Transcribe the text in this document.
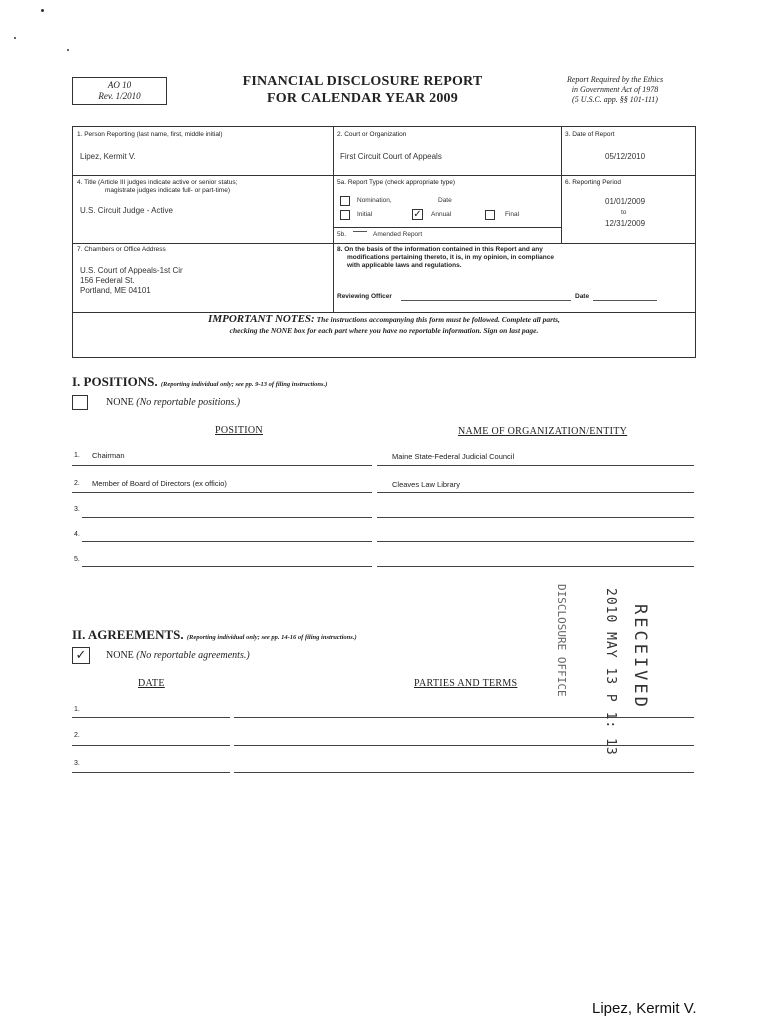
AO 10
Rev. 1/2010
FINANCIAL DISCLOSURE REPORT
FOR CALENDAR YEAR 2009
Report Required by the Ethics
in Government Act of 1978
(5 U.S.C. app. §§ 101-111)
1. Person Reporting (last name, first, middle initial)
Lipez, Kermit V.
2. Court or Organization
First Circuit Court of Appeals
3. Date of Report
05/12/2010
4. Title (Article III judges indicate active or senior status;
magistrate judges indicate full- or part-time)
U.S. Circuit Judge - Active
5a. Report Type (check appropriate type)
Nomination,	Date
Initial	✓ Annual	Final
5b.	Amended Report
6. Reporting Period
01/01/2009
to
12/31/2009
7. Chambers or Office Address
U.S. Court of Appeals-1st Cir
156 Federal St.
Portland, ME 04101
8. On the basis of the information contained in this Report and any
modifications pertaining thereto, it is, in my opinion, in compliance
with applicable laws and regulations.
Reviewing Officer	Date
IMPORTANT NOTES: The instructions accompanying this form must be followed. Complete all parts,
checking the NONE box for each part where you have no reportable information. Sign on last page.
I. POSITIONS. (Reporting individual only; see pp. 9-13 of filing instructions.)
NONE (No reportable positions.)
POSITION	NAME OF ORGANIZATION/ENTITY
1. Chairman	Maine State-Federal Judicial Council
2. Member of Board of Directors (ex officio)	Cleaves Law Library
3.
4.
5.
II. AGREEMENTS. (Reporting individual only; see pp. 14-16 of filing instructions.)
✓	NONE (No reportable agreements.)
DATE	PARTIES AND TERMS
1.
2.
3.
RECEIVED
2010 MAY 13 P 1: 13
DISCLOSURE OFFICE
Lipez, Kermit V.
